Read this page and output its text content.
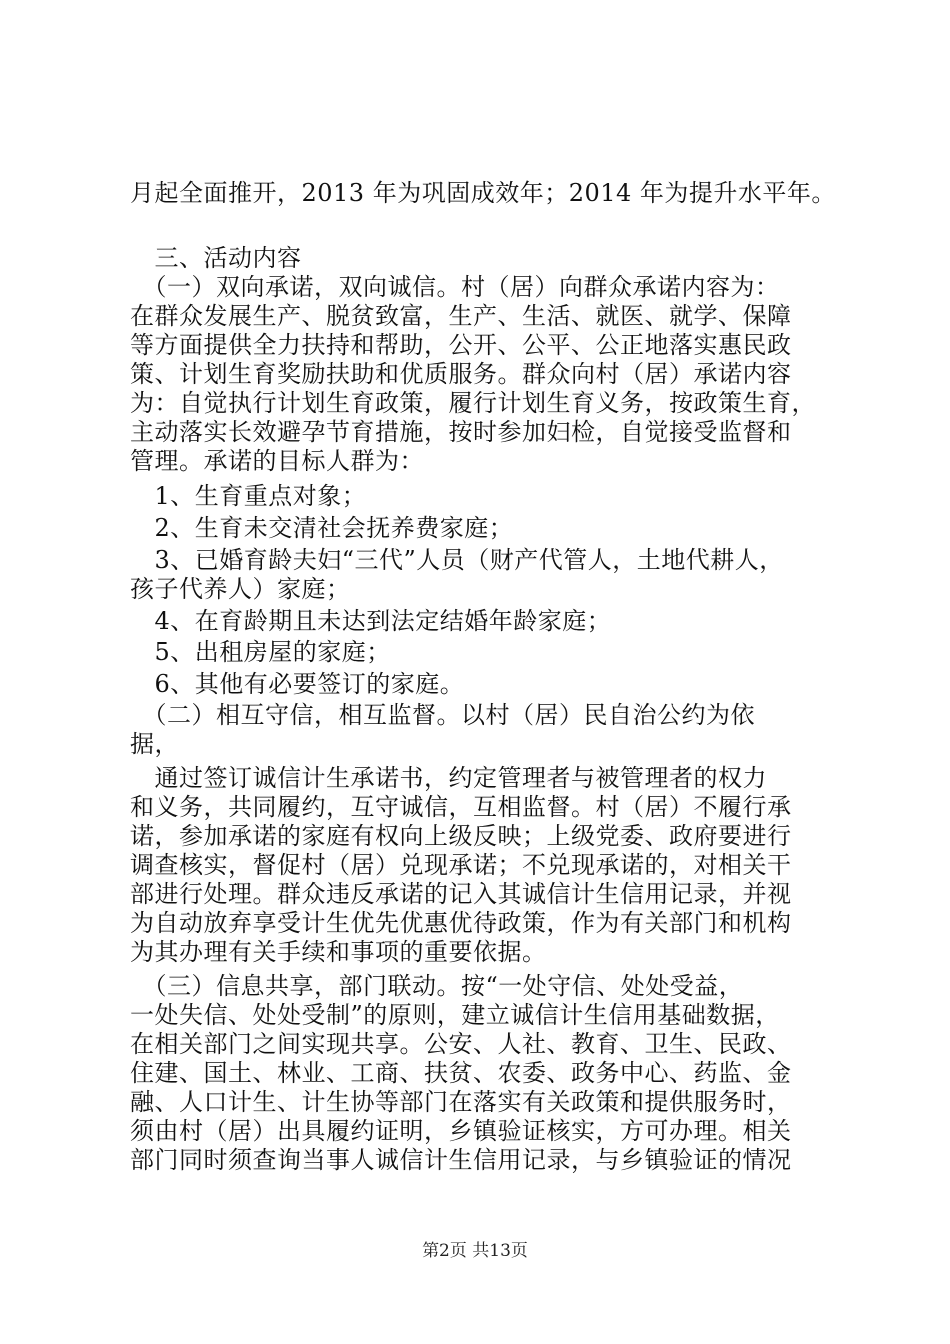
月起全面推开，2013 年为巩固成效年；2014 年为提升水平年。
　三、活动内容
　（一）双向承诺，双向诚信。村（居）向群众承诺内容为：
在群众发展生产、脱贫致富，生产、生活、就医、就学、保障
等方面提供全力扶持和帮助，公开、公平、公正地落实惠民政
策、计划生育奖励扶助和优质服务。群众向村（居）承诺内容
为：自觉执行计划生育政策，履行计划生育义务，按政策生育，
主动落实长效避孕节育措施，按时参加妇检，自觉接受监督和
管理。承诺的目标人群为：
　1、生育重点对象；
　2、生育未交清社会抚养费家庭；
　3、已婚育龄夫妇“三代”人员（财产代管人，土地代耕人，
孩子代养人）家庭；
　4、在育龄期且未达到法定结婚年龄家庭；
　5、出租房屋的家庭；
　6、其他有必要签订的家庭。
　（二）相互守信，相互监督。以村（居）民自治公约为依
据，
　通过签订诚信计生承诺书，约定管理者与被管理者的权力
和义务，共同履约，互守诚信，互相监督。村（居）不履行承
诺，参加承诺的家庭有权向上级反映；上级党委、政府要进行
调查核实，督促村（居）兑现承诺；不兑现承诺的，对相关干
部进行处理。群众违反承诺的记入其诚信计生信用记录，并视
为自动放弃享受计生优先优惠优待政策，作为有关部门和机构
为其办理有关手续和事项的重要依据。
　（三）信息共享，部门联动。按“一处守信、处处受益，
一处失信、处处受制”的原则，建立诚信计生信用基础数据，
在相关部门之间实现共享。公安、人社、教育、卫生、民政、
住建、国土、林业、工商、扶贫、农委、政务中心、药监、金
融、人口计生、计生协等部门在落实有关政策和提供服务时，
须由村（居）出具履约证明，乡镇验证核实，方可办理。相关
部门同时须查询当事人诚信计生信用记录，与乡镇验证的情况
第2页 共13页
